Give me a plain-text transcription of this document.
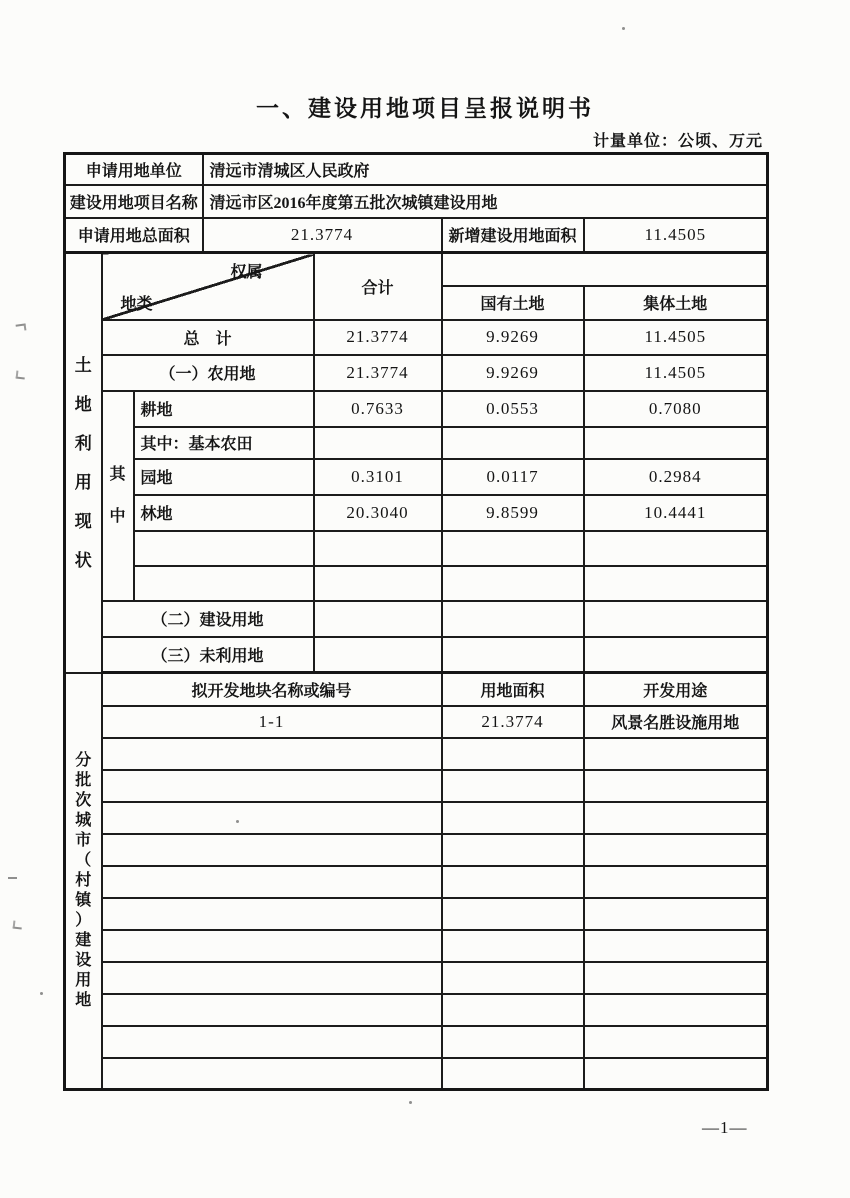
一、建设用地项目呈报说明书
计量单位：公顷、万元
申请用地单位			清远市清城区人民政府			
建设用地项目名称			清远市区2016年度第五批次城镇建设用地			
申请用地总面积			21.3774		新增建设用地面积	11.4505

土地利用现状	权属
地类			合计		
					国有土地	集体土地
	总　计			21.3774	9.9269	11.4505
	（一）农用地			21.3774	9.9269	11.4505

	其中	耕地		0.7633	0.0553	0.7080
		其中：基本农田				
		园地		0.3101	0.0117	0.2984
		林地		20.3040	9.8599	10.4441

	（二）建设用地					
	（三）未利用地					

分批次城市（村镇）建设用地	拟开发地块名称或编号				用地面积	开发用途
	1-1				21.3774	风景名胜设施用地

—1—
